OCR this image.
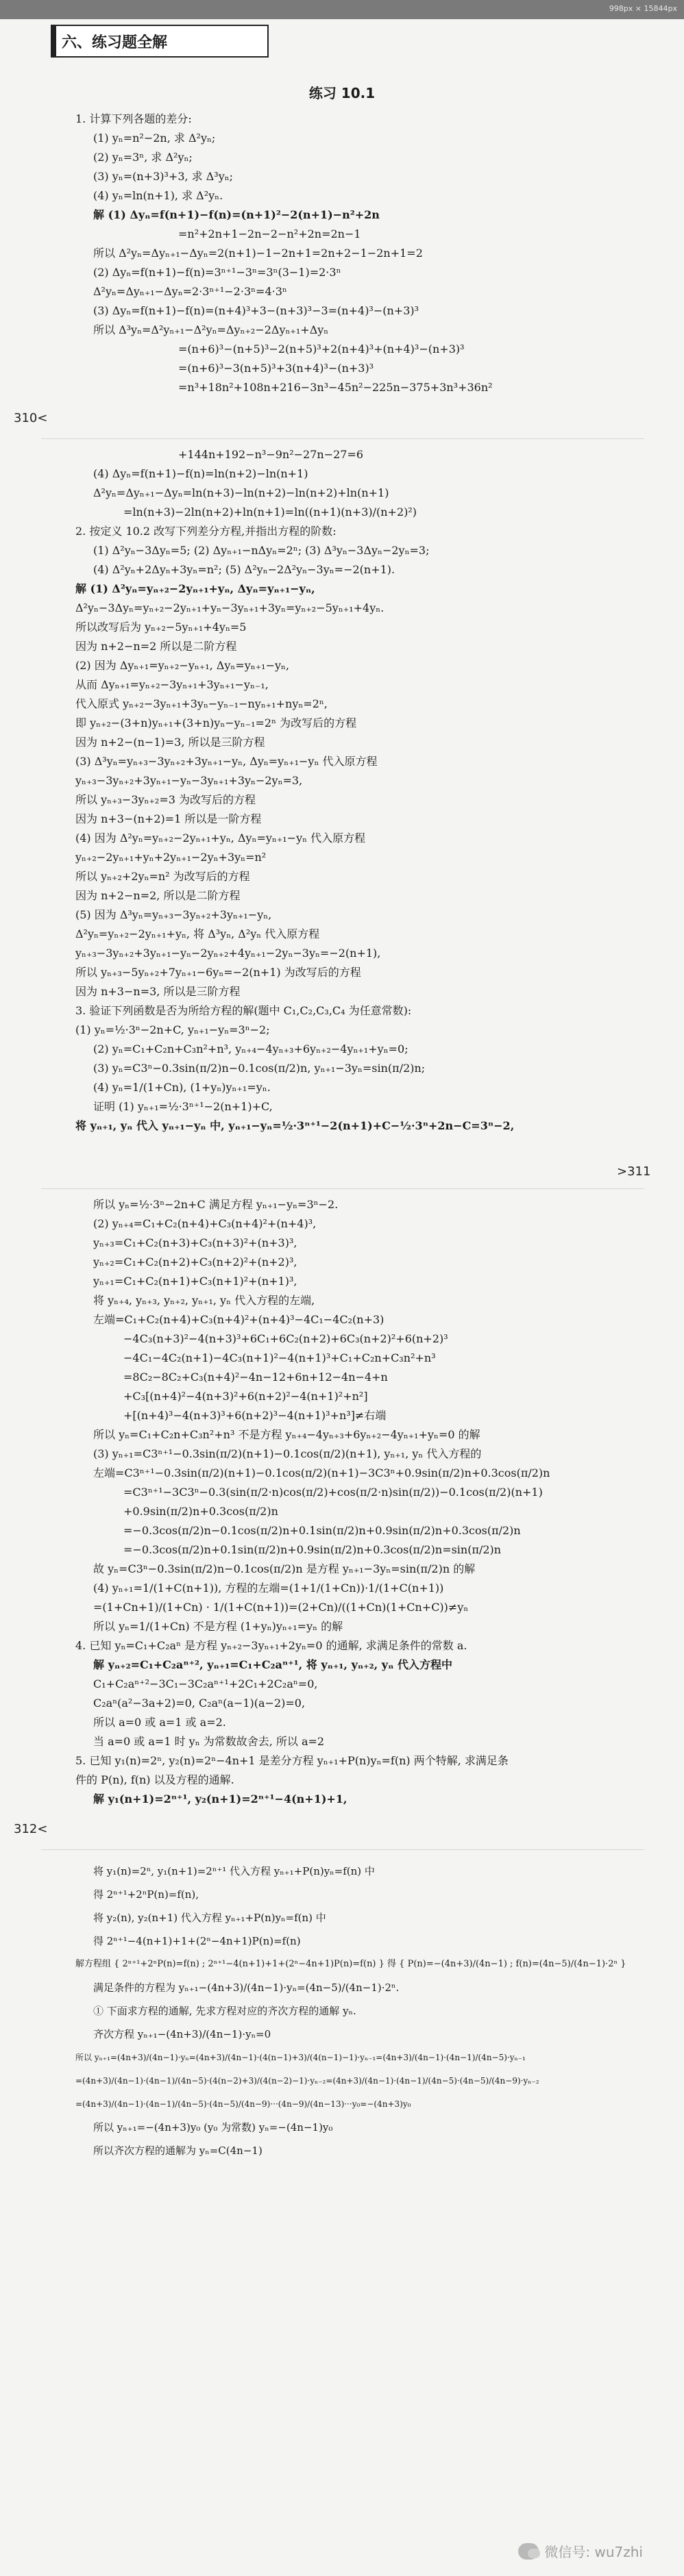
998px × 15844px
六、练习题全解
练习 10.1
1. 计算下列各题的差分:
(1) yₙ=n²−2n, 求 Δ²yₙ;
(2) yₙ=3ⁿ, 求 Δ²yₙ;
(3) yₙ=(n+3)³+3, 求 Δ³yₙ;
(4) yₙ=ln(n+1), 求 Δ²yₙ.
解 (1) Δyₙ=f(n+1)−f(n)=(n+1)²−2(n+1)−n²+2n
=n²+2n+1−2n−2−n²+2n=2n−1
所以 Δ²yₙ=Δyₙ₊₁−Δyₙ=2(n+1)−1−2n+1=2n+2−1−2n+1=2
(2) Δyₙ=f(n+1)−f(n)=3ⁿ⁺¹−3ⁿ=3ⁿ(3−1)=2·3ⁿ
Δ²yₙ=Δyₙ₊₁−Δyₙ=2·3ⁿ⁺¹−2·3ⁿ=4·3ⁿ
(3) Δyₙ=f(n+1)−f(n)=(n+4)³+3−(n+3)³−3=(n+4)³−(n+3)³
所以 Δ³yₙ=Δ²yₙ₊₁−Δ²yₙ=Δyₙ₊₂−2Δyₙ₊₁+Δyₙ
=(n+6)³−(n+5)³−2(n+5)³+2(n+4)³+(n+4)³−(n+3)³
=(n+6)³−3(n+5)³+3(n+4)³−(n+3)³
=n³+18n²+108n+216−3n³−45n²−225n−375+3n³+36n²
310<
+144n+192−n³−9n²−27n−27=6
(4) Δyₙ=f(n+1)−f(n)=ln(n+2)−ln(n+1)
Δ²yₙ=Δyₙ₊₁−Δyₙ=ln(n+3)−ln(n+2)−ln(n+2)+ln(n+1)
=ln(n+3)−2ln(n+2)+ln(n+1)=ln((n+1)(n+3)/(n+2)²)
2. 按定义 10.2 改写下列差分方程,并指出方程的阶数:
(1) Δ²yₙ−3Δyₙ=5; (2) Δyₙ₊₁−nΔyₙ=2ⁿ; (3) Δ³yₙ−3Δyₙ−2yₙ=3;
(4) Δ²yₙ+2Δyₙ+3yₙ=n²; (5) Δ²yₙ−2Δ²yₙ−3yₙ=−2(n+1).
解 (1) Δ²yₙ=yₙ₊₂−2yₙ₊₁+yₙ, Δyₙ=yₙ₊₁−yₙ,
Δ²yₙ−3Δyₙ=yₙ₊₂−2yₙ₊₁+yₙ−3yₙ₊₁+3yₙ=yₙ₊₂−5yₙ₊₁+4yₙ.
所以改写后为 yₙ₊₂−5yₙ₊₁+4yₙ=5
因为 n+2−n=2 所以是二阶方程
(2) 因为 Δyₙ₊₁=yₙ₊₂−yₙ₊₁, Δyₙ=yₙ₊₁−yₙ,
从而 Δyₙ₊₁=yₙ₊₂−3yₙ₊₁+3yₙ₊₁−yₙ₋₁,
代入原式 yₙ₊₂−3yₙ₊₁+3yₙ−yₙ₋₁−nyₙ₊₁+nyₙ=2ⁿ,
即 yₙ₊₂−(3+n)yₙ₊₁+(3+n)yₙ−yₙ₋₁=2ⁿ 为改写后的方程
因为 n+2−(n−1)=3, 所以是三阶方程
(3) Δ³yₙ=yₙ₊₃−3yₙ₊₂+3yₙ₊₁−yₙ, Δyₙ=yₙ₊₁−yₙ 代入原方程
yₙ₊₃−3yₙ₊₂+3yₙ₊₁−yₙ−3yₙ₊₁+3yₙ−2yₙ=3,
所以 yₙ₊₃−3yₙ₊₂=3 为改写后的方程
因为 n+3−(n+2)=1 所以是一阶方程
(4) 因为 Δ²yₙ=yₙ₊₂−2yₙ₊₁+yₙ, Δyₙ=yₙ₊₁−yₙ 代入原方程
yₙ₊₂−2yₙ₊₁+yₙ+2yₙ₊₁−2yₙ+3yₙ=n²
所以 yₙ₊₂+2yₙ=n² 为改写后的方程
因为 n+2−n=2, 所以是二阶方程
(5) 因为 Δ³yₙ=yₙ₊₃−3yₙ₊₂+3yₙ₊₁−yₙ,
Δ²yₙ=yₙ₊₂−2yₙ₊₁+yₙ, 将 Δ³yₙ, Δ²yₙ 代入原方程
yₙ₊₃−3yₙ₊₂+3yₙ₊₁−yₙ−2yₙ₊₂+4yₙ₊₁−2yₙ−3yₙ=−2(n+1),
所以 yₙ₊₃−5yₙ₊₂+7yₙ₊₁−6yₙ=−2(n+1) 为改写后的方程
因为 n+3−n=3, 所以是三阶方程
3. 验证下列函数是否为所给方程的解(题中 C₁,C₂,C₃,C₄ 为任意常数):
(1) yₙ=½·3ⁿ−2n+C, yₙ₊₁−yₙ=3ⁿ−2;
(2) yₙ=C₁+C₂n+C₃n²+n³, yₙ₊₄−4yₙ₊₃+6yₙ₊₂−4yₙ₊₁+yₙ=0;
(3) yₙ=C3ⁿ−0.3sin(π/2)n−0.1cos(π/2)n, yₙ₊₁−3yₙ=sin(π/2)n;
(4) yₙ=1/(1+Cn), (1+yₙ)yₙ₊₁=yₙ.
证明 (1) yₙ₊₁=½·3ⁿ⁺¹−2(n+1)+C,
将 yₙ₊₁, yₙ 代入 yₙ₊₁−yₙ 中, yₙ₊₁−yₙ=½·3ⁿ⁺¹−2(n+1)+C−½·3ⁿ+2n−C=3ⁿ−2,
>311
所以 yₙ=½·3ⁿ−2n+C 满足方程 yₙ₊₁−yₙ=3ⁿ−2.
(2) yₙ₊₄=C₁+C₂(n+4)+C₃(n+4)²+(n+4)³,
yₙ₊₃=C₁+C₂(n+3)+C₃(n+3)²+(n+3)³,
yₙ₊₂=C₁+C₂(n+2)+C₃(n+2)²+(n+2)³,
yₙ₊₁=C₁+C₂(n+1)+C₃(n+1)²+(n+1)³,
将 yₙ₊₄, yₙ₊₃, yₙ₊₂, yₙ₊₁, yₙ 代入方程的左端,
左端=C₁+C₂(n+4)+C₃(n+4)²+(n+4)³−4C₁−4C₂(n+3)
−4C₃(n+3)²−4(n+3)³+6C₁+6C₂(n+2)+6C₃(n+2)²+6(n+2)³
−4C₁−4C₂(n+1)−4C₃(n+1)²−4(n+1)³+C₁+C₂n+C₃n²+n³
=8C₂−8C₂+C₃(n+4)²−4n−12+6n+12−4n−4+n
+C₃[(n+4)²−4(n+3)²+6(n+2)²−4(n+1)²+n²]
+[(n+4)³−4(n+3)³+6(n+2)³−4(n+1)³+n³]≠右端
所以 yₙ=C₁+C₂n+C₃n²+n³ 不是方程 yₙ₊₄−4yₙ₊₃+6yₙ₊₂−4yₙ₊₁+yₙ=0 的解
(3) yₙ₊₁=C3ⁿ⁺¹−0.3sin(π/2)(n+1)−0.1cos(π/2)(n+1), yₙ₊₁, yₙ 代入方程的
左端=C3ⁿ⁺¹−0.3sin(π/2)(n+1)−0.1cos(π/2)(n+1)−3C3ⁿ+0.9sin(π/2)n+0.3cos(π/2)n
=C3ⁿ⁺¹−3C3ⁿ−0.3(sin(π/2·n)cos(π/2)+cos(π/2·n)sin(π/2))−0.1cos(π/2)(n+1)
+0.9sin(π/2)n+0.3cos(π/2)n
=−0.3cos(π/2)n−0.1cos(π/2)n+0.1sin(π/2)n+0.9sin(π/2)n+0.3cos(π/2)n
=−0.3cos(π/2)n+0.1sin(π/2)n+0.9sin(π/2)n+0.3cos(π/2)n=sin(π/2)n
故 yₙ=C3ⁿ−0.3sin(π/2)n−0.1cos(π/2)n 是方程 yₙ₊₁−3yₙ=sin(π/2)n 的解
(4) yₙ₊₁=1/(1+C(n+1)), 方程的左端=(1+1/(1+Cn))·1/(1+C(n+1))
=(1+Cn+1)/(1+Cn) · 1/(1+C(n+1))=(2+Cn)/((1+Cn)(1+Cn+C))≠yₙ
所以 yₙ=1/(1+Cn) 不是方程 (1+yₙ)yₙ₊₁=yₙ 的解
4. 已知 yₙ=C₁+C₂aⁿ 是方程 yₙ₊₂−3yₙ₊₁+2yₙ=0 的通解, 求满足条件的常数 a.
解 yₙ₊₂=C₁+C₂aⁿ⁺², yₙ₊₁=C₁+C₂aⁿ⁺¹, 将 yₙ₊₁, yₙ₊₂, yₙ 代入方程中
C₁+C₂aⁿ⁺²−3C₁−3C₂aⁿ⁺¹+2C₁+2C₂aⁿ=0,
C₂aⁿ(a²−3a+2)=0, C₂aⁿ(a−1)(a−2)=0,
所以 a=0 或 a=1 或 a=2.
当 a=0 或 a=1 时 yₙ 为常数故舍去, 所以 a=2
5. 已知 y₁(n)=2ⁿ, y₂(n)=2ⁿ−4n+1 是差分方程 yₙ₊₁+P(n)yₙ=f(n) 两个特解, 求满足条
件的 P(n), f(n) 以及方程的通解.
解 y₁(n+1)=2ⁿ⁺¹, y₂(n+1)=2ⁿ⁺¹−4(n+1)+1,
312<
将 y₁(n)=2ⁿ, y₁(n+1)=2ⁿ⁺¹ 代入方程 yₙ₊₁+P(n)yₙ=f(n) 中
得 2ⁿ⁺¹+2ⁿP(n)=f(n),
将 y₂(n), y₂(n+1) 代入方程 yₙ₊₁+P(n)yₙ=f(n) 中
得 2ⁿ⁺¹−4(n+1)+1+(2ⁿ−4n+1)P(n)=f(n)
解方程组 { 2ⁿ⁺¹+2ⁿP(n)=f(n) ; 2ⁿ⁺¹−4(n+1)+1+(2ⁿ−4n+1)P(n)=f(n) } 得 { P(n)=−(4n+3)/(4n−1) ; f(n)=(4n−5)/(4n−1)·2ⁿ }
满足条件的方程为 yₙ₊₁−(4n+3)/(4n−1)·yₙ=(4n−5)/(4n−1)·2ⁿ.
① 下面求方程的通解, 先求方程对应的齐次方程的通解 yₙ.
齐次方程 yₙ₊₁−(4n+3)/(4n−1)·yₙ=0
所以 yₙ₊₁=(4n+3)/(4n−1)·yₙ=(4n+3)/(4n−1)·(4(n−1)+3)/(4(n−1)−1)·yₙ₋₁=(4n+3)/(4n−1)·(4n−1)/(4n−5)·yₙ₋₁
=(4n+3)/(4n−1)·(4n−1)/(4n−5)·(4(n−2)+3)/(4(n−2)−1)·yₙ₋₂=(4n+3)/(4n−1)·(4n−1)/(4n−5)·(4n−5)/(4n−9)·yₙ₋₂
=(4n+3)/(4n−1)·(4n−1)/(4n−5)·(4n−5)/(4n−9)···(4n−9)/(4n−13)···y₀=−(4n+3)y₀
所以 yₙ₊₁=−(4n+3)y₀ (y₀ 为常数) yₙ=−(4n−1)y₀
所以齐次方程的通解为 yₙ=C(4n−1)
微信号: wu7zhi
